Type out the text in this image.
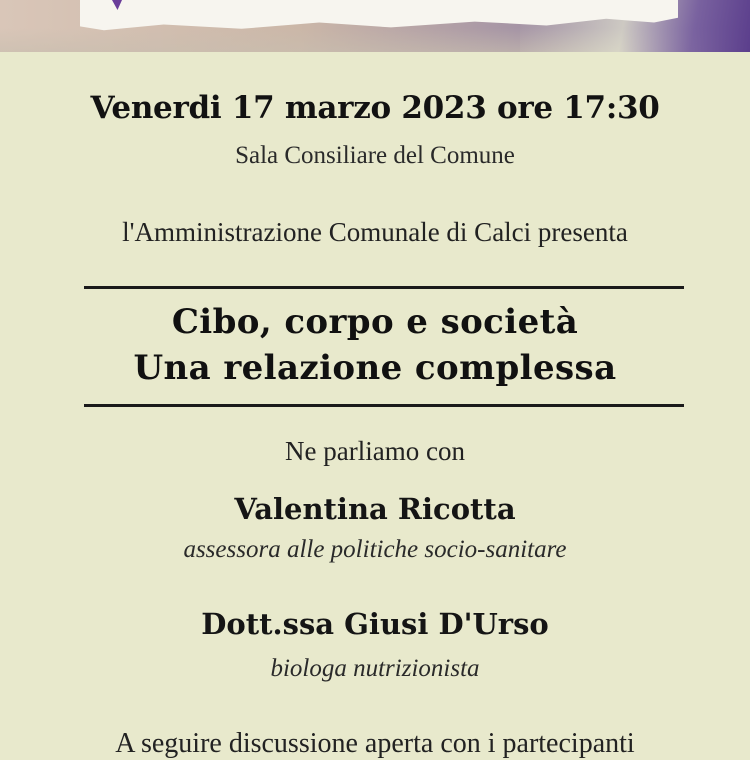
Venerdi 17 marzo 2023 ore 17:30
Sala Consiliare del Comune
l'Amministrazione Comunale di Calci presenta
Cibo, corpo e società
Una relazione complessa
Ne parliamo con
Valentina Ricotta
assessora alle politiche socio-sanitare
Dott.ssa Giusi D'Urso
biologa nutrizionista
A seguire discussione aperta con i partecipanti
